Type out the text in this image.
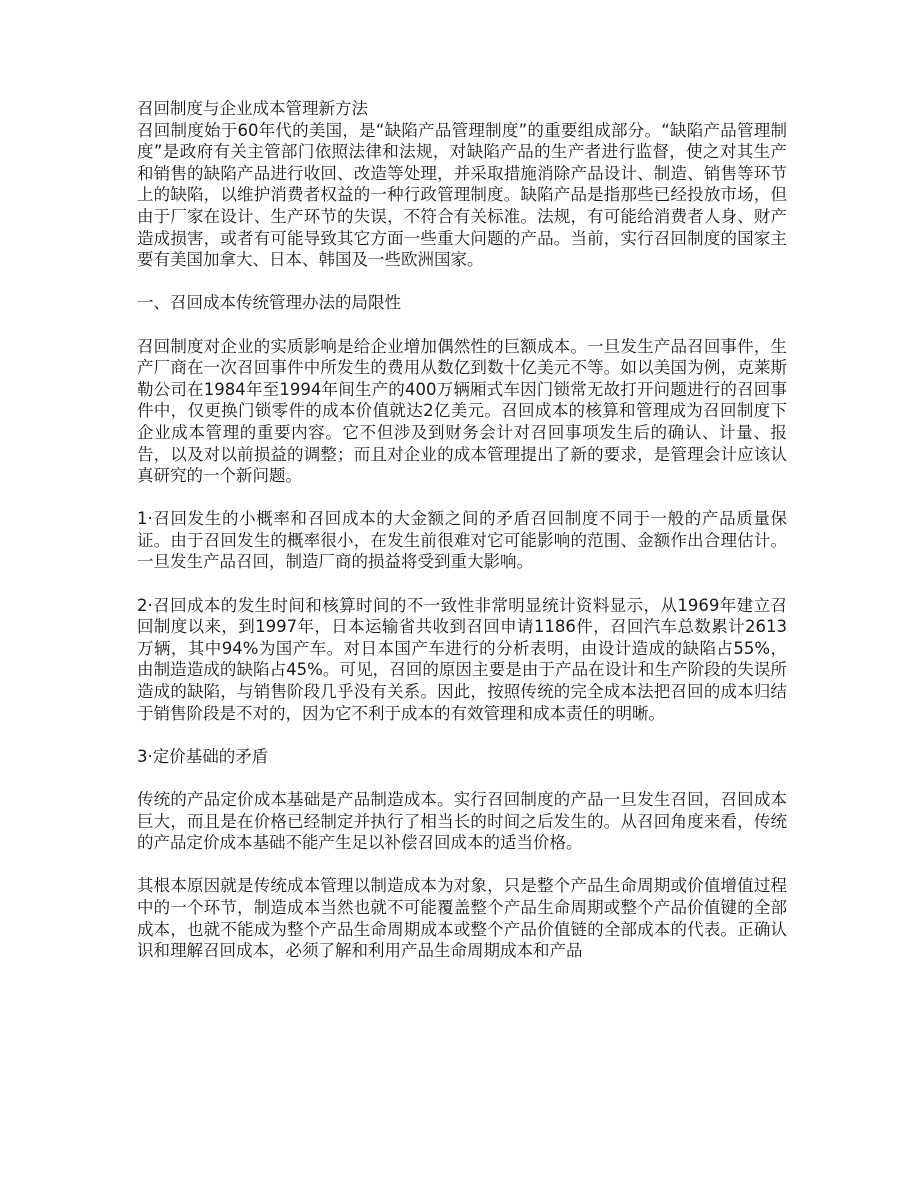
召回制度与企业成本管理新方法

召回制度始于60年代的美国，是“缺陷产品管理制度”的重要组成部分。“缺陷产品管理制度”是政府有关主管部门依照法律和法规，对缺陷产品的生产者进行监督，使之对其生产和销售的缺陷产品进行收回、改造等处理，并采取措施消除产品设计、制造、销售等环节上的缺陷，以维护消费者权益的一种行政管理制度。缺陷产品是指那些已经投放市场，但由于厂家在设计、生产环节的失误，不符合有关标准。法规，有可能给消费者人身、财产造成损害，或者有可能导致其它方面一些重大问题的产品。当前，实行召回制度的国家主要有美国加拿大、日本、韩国及一些欧洲国家。

一、召回成本传统管理办法的局限性

召回制度对企业的实质影响是给企业增加偶然性的巨额成本。一旦发生产品召回事件，生产厂商在一次召回事件中所发生的费用从数亿到数十亿美元不等。如以美国为例，克莱斯勒公司在1984年至1994年间生产的400万辆厢式车因门锁常无故打开问题进行的召回事件中，仅更换门锁零件的成本价值就达2亿美元。召回成本的核算和管理成为召回制度下企业成本管理的重要内容。它不但涉及到财务会计对召回事项发生后的确认、计量、报告，以及对以前损益的调整；而且对企业的成本管理提出了新的要求，是管理会计应该认真研究的一个新问题。

1·召回发生的小概率和召回成本的大金额之间的矛盾召回制度不同于一般的产品质量保证。由于召回发生的概率很小，在发生前很难对它可能影响的范围、金额作出合理估计。一旦发生产品召回，制造厂商的损益将受到重大影响。

2·召回成本的发生时间和核算时间的不一致性非常明显统计资料显示，从1969年建立召回制度以来，到1997年，日本运输省共收到召回申请1186件，召回汽车总数累计2613万辆，其中94%为国产车。对日本国产车进行的分析表明，由设计造成的缺陷占55%，由制造造成的缺陷占45%。可见，召回的原因主要是由于产品在设计和生产阶段的失误所造成的缺陷，与销售阶段几乎没有关系。因此，按照传统的完全成本法把召回的成本归结于销售阶段是不对的，因为它不利于成本的有效管理和成本责任的明晰。

3·定价基础的矛盾

传统的产品定价成本基础是产品制造成本。实行召回制度的产品一旦发生召回，召回成本巨大，而且是在价格已经制定并执行了相当长的时间之后发生的。从召回角度来看，传统的产品定价成本基础不能产生足以补偿召回成本的适当价格。

其根本原因就是传统成本管理以制造成本为对象，只是整个产品生命周期或价值增值过程中的一个环节，制造成本当然也就不可能覆盖整个产品生命周期或整个产品价值键的全部成本，也就不能成为整个产品生命周期成本或整个产品价值链的全部成本的代表。正确认识和理解召回成本，必须了解和利用产品生命周期成本和产品
